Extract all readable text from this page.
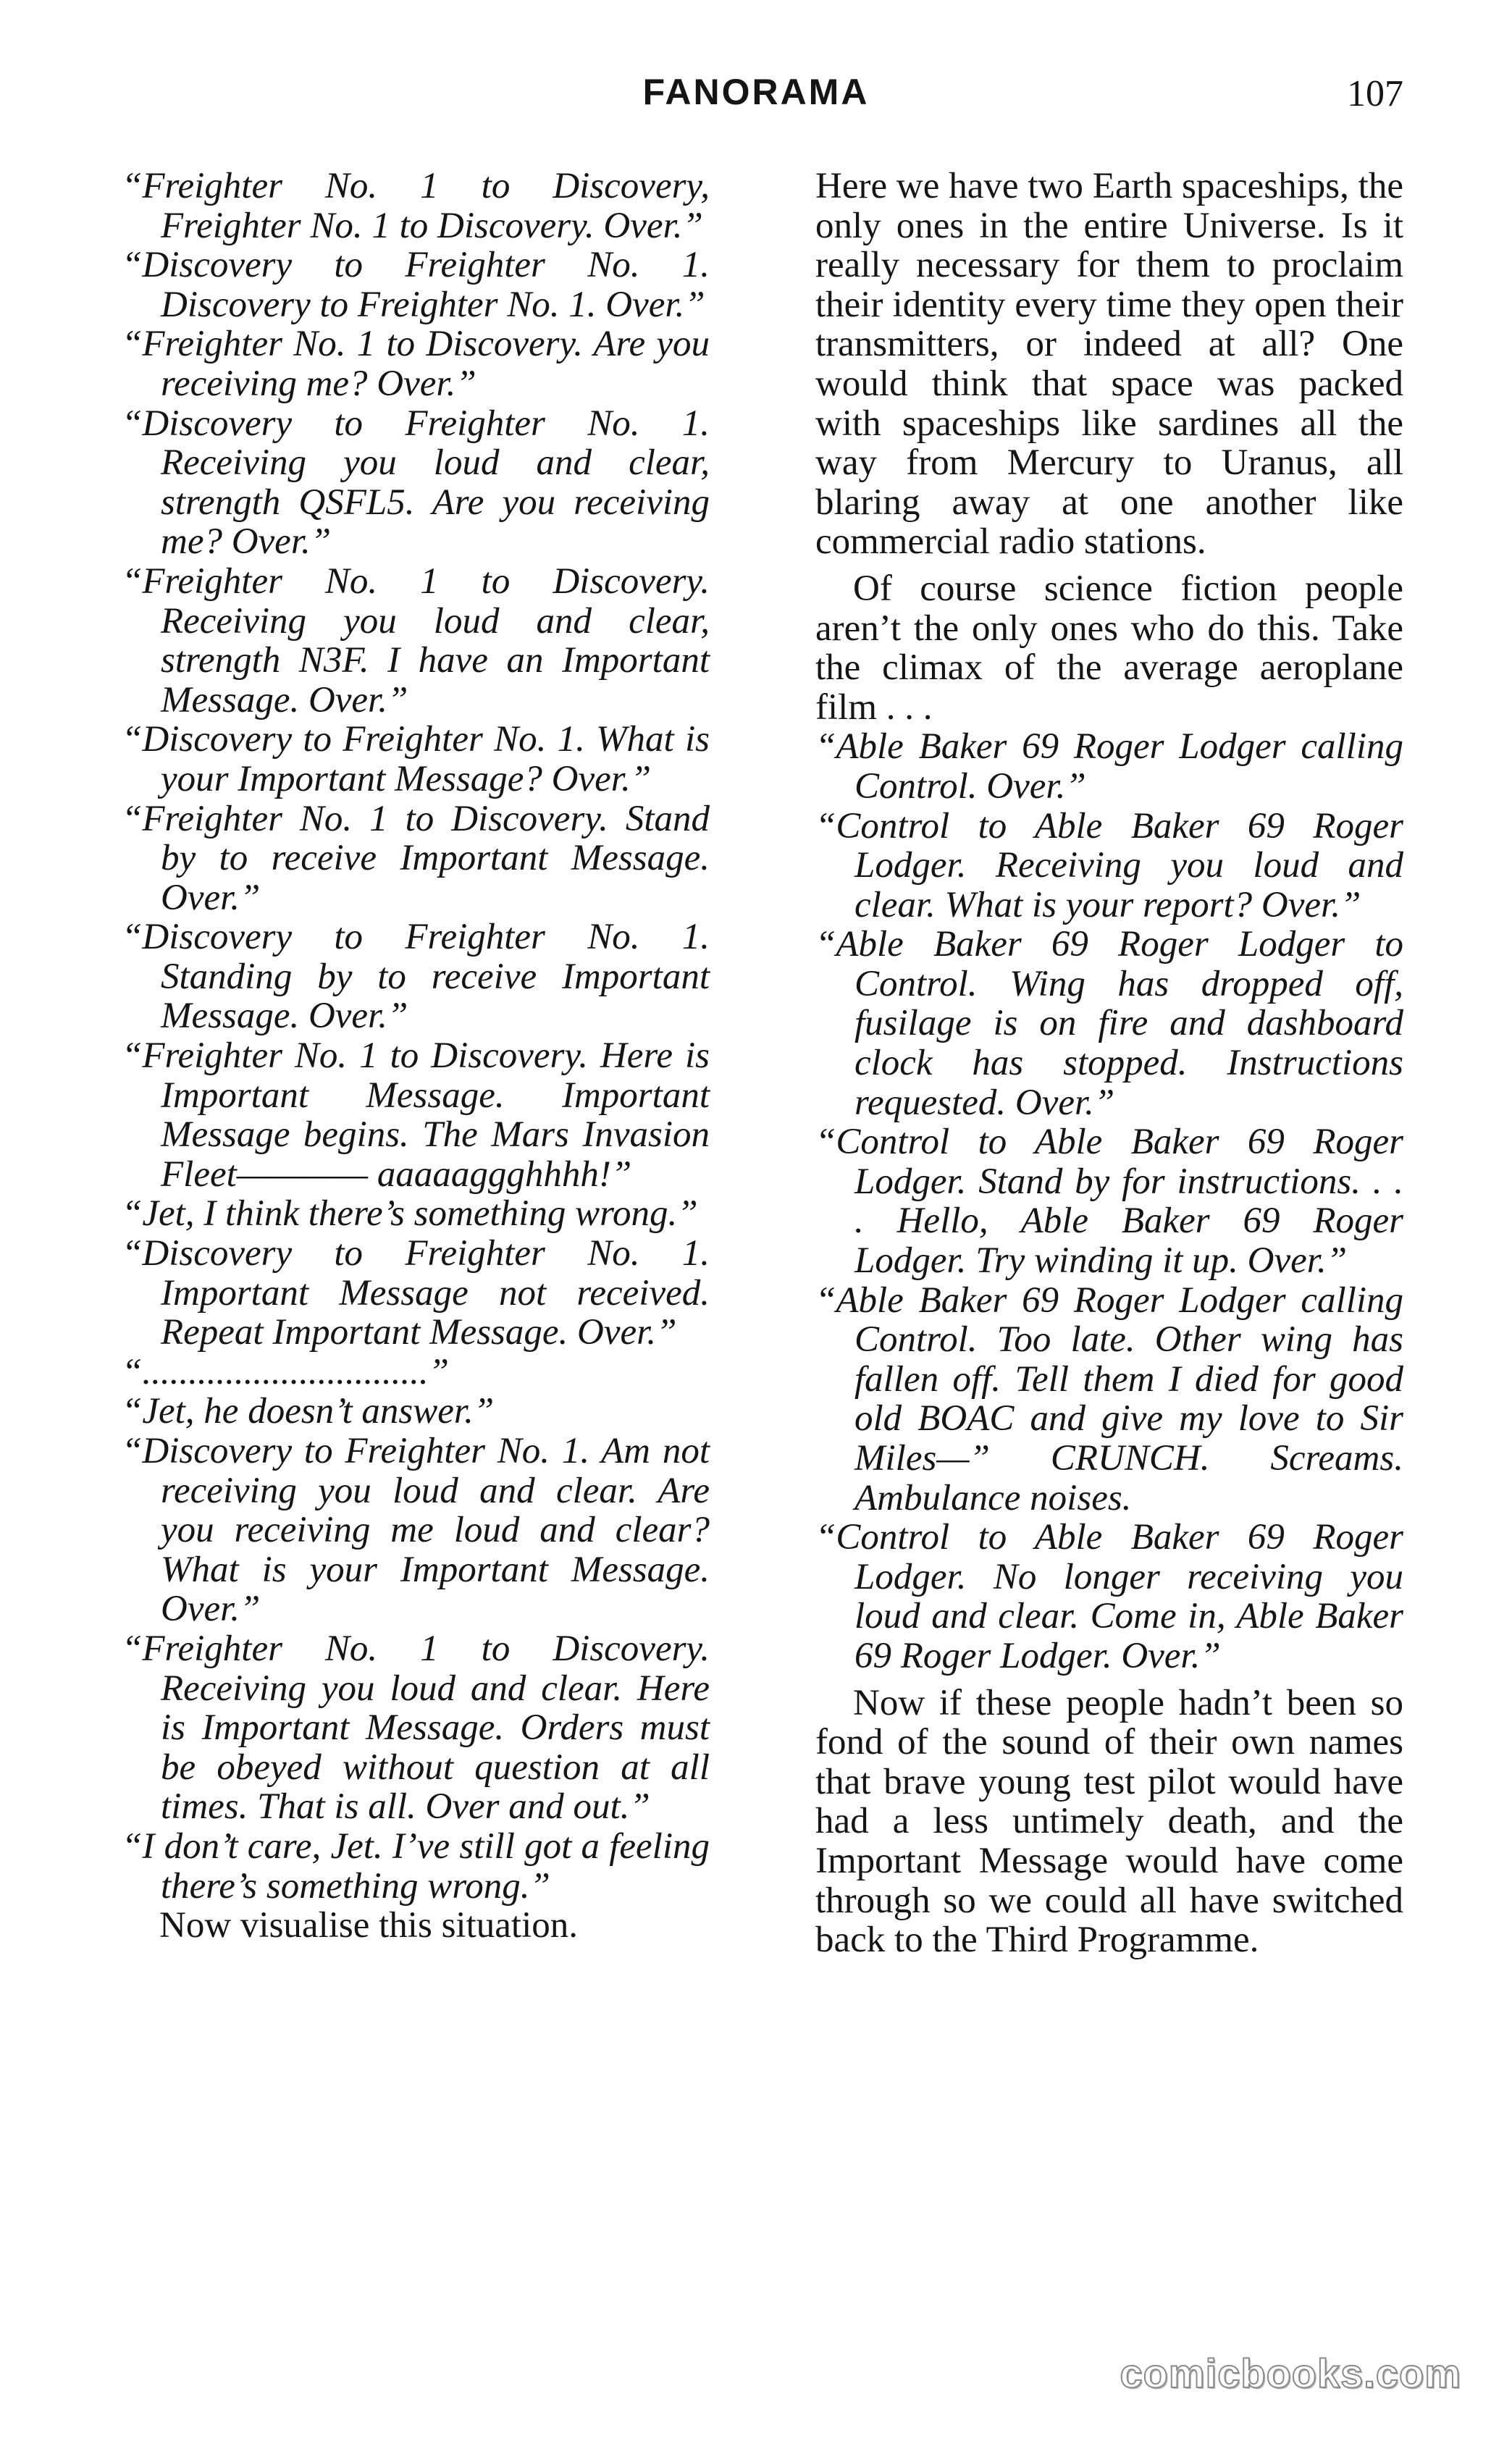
FANORAMA	107

“Freighter No. 1 to Discovery, Freighter No. 1 to Discovery. Over.”

“Discovery to Freighter No. 1. Discovery to Freighter No. 1. Over.”

“Freighter No. 1 to Discovery. Are you receiving me? Over.”

“Discovery to Freighter No. 1. Receiving you loud and clear, strength QSFL5. Are you receiving me? Over.”

“Freighter No. 1 to Discovery. Receiving you loud and clear, strength N3F. I have an Important Message. Over.”

“Discovery to Freighter No. 1. What is your Important Message? Over.”

“Freighter No. 1 to Discovery. Stand by to receive Important Message. Over.”

“Discovery to Freighter No. 1. Standing by to receive Important Message. Over.”

“Freighter No. 1 to Discovery. Here is Important Message. Important Message begins. The Mars Invasion Fleet———— aaaaaggghhhh!”

“Jet, I think there’s something wrong.”

“Discovery to Freighter No. 1. Important Message not received. Repeat Important Message. Over.”

“...............................”

“Jet, he doesn’t answer.”

“Discovery to Freighter No. 1. Am not receiving you loud and clear. Are you receiving me loud and clear? What is your Important Message. Over.”

“Freighter No. 1 to Discovery. Receiving you loud and clear. Here is Important Message. Orders must be obeyed without question at all times. That is all. Over and out.”

“I don’t care, Jet. I’ve still got a feeling there’s something wrong.”

Now visualise this situation.

Here we have two Earth spaceships, the only ones in the entire Universe. Is it really necessary for them to proclaim their identity every time they open their transmitters, or indeed at all? One would think that space was packed with spaceships like sardines all the way from Mercury to Uranus, all blaring away at one another like commercial radio stations.

Of course science fiction people aren’t the only ones who do this. Take the climax of the average aeroplane film . . .

“Able Baker 69 Roger Lodger calling Control. Over.”

“Control to Able Baker 69 Roger Lodger. Receiving you loud and clear. What is your report? Over.”

“Able Baker 69 Roger Lodger to Control. Wing has dropped off, fusilage is on fire and dashboard clock has stopped. Instructions requested. Over.”

“Control to Able Baker 69 Roger Lodger. Stand by for instructions. . . . Hello, Able Baker 69 Roger Lodger. Try winding it up. Over.”

“Able Baker 69 Roger Lodger calling Control. Too late. Other wing has fallen off. Tell them I died for good old BOAC and give my love to Sir Miles—” CRUNCH. Screams. Ambulance noises.

“Control to Able Baker 69 Roger Lodger. No longer receiving you loud and clear. Come in, Able Baker 69 Roger Lodger. Over.”

Now if these people hadn’t been so fond of the sound of their own names that brave young test pilot would have had a less untimely death, and the Important Message would have come through so we could all have switched back to the Third Programme.

comicbooks.com
